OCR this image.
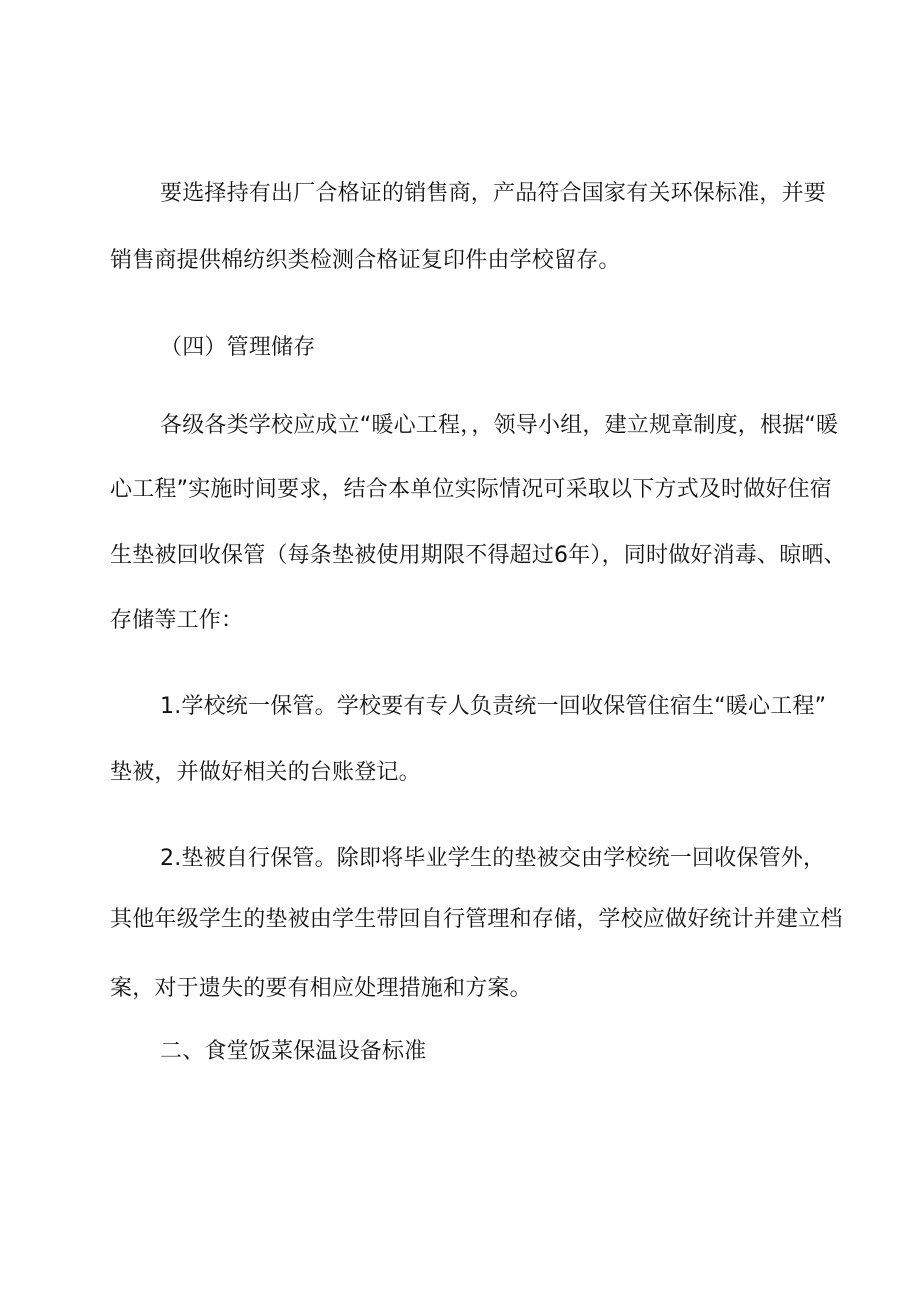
要选择持有出厂合格证的销售商，产品符合国家有关环保标准，并要
销售商提供棉纺织类检测合格证复印件由学校留存。
（四）管理储存
各级各类学校应成立“暖心工程，，领导小组，建立规章制度，根据“暖
心工程”实施时间要求，结合本单位实际情况可采取以下方式及时做好住宿
生垫被回收保管（每条垫被使用期限不得超过6年），同时做好消毒、晾晒、
存储等工作：
1.学校统一保管。学校要有专人负责统一回收保管住宿生“暖心工程”
垫被，并做好相关的台账登记。
2.垫被自行保管。除即将毕业学生的垫被交由学校统一回收保管外，
其他年级学生的垫被由学生带回自行管理和存储，学校应做好统计并建立档
案，对于遗失的要有相应处理措施和方案。
二、食堂饭菜保温设备标准
